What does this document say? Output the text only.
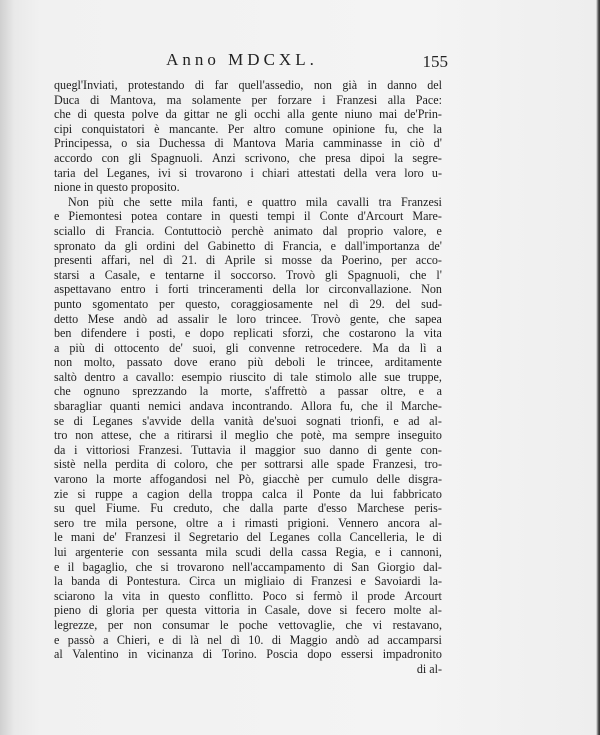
Anno MDCXL.	155
quegl'Inviati, protestando di far quell'assedio, non già in danno del
Duca di Mantova, ma solamente per forzare i Franzesi alla Pace:
che di questa polve da gittar ne gli occhi alla gente niuno mai de'Prin-
cipi conquistatori è mancante. Per altro comune opinione fu, che la
Principessa, o sia Duchessa di Mantova Maria camminasse in ciò d'
accordo con gli Spagnuoli. Anzi scrivono, che presa dipoi la segre-
taria del Leganes, ivi si trovarono i chiari attestati della vera loro u-
nione in questo proposito.
Non più che sette mila fanti, e quattro mila cavalli tra Franzesi
e Piemontesi potea contare in questi tempi il Conte d'Arcourt Mare-
sciallo di Francia. Contuttociò perchè animato dal proprio valore, e
spronato da gli ordini del Gabinetto di Francia, e dall'importanza de'
presenti affari, nel dì 21. di Aprile si mosse da Poerino, per acco-
starsi a Casale, e tentarne il soccorso. Trovò gli Spagnuoli, che l'
aspettavano entro i forti trinceramenti della lor circonvallazione. Non
punto sgomentato per questo, coraggiosamente nel dì 29. del sud-
detto Mese andò ad assalir le loro trincee. Trovò gente, che sapea
ben difendere i posti, e dopo replicati sforzi, che costarono la vita
a più di ottocento de' suoi, gli convenne retrocedere. Ma da lì a
non molto, passato dove erano più deboli le trincee, arditamente
saltò dentro a cavallo: esempio riuscito di tale stimolo alle sue truppe,
che ognuno sprezzando la morte, s'affrettò a passar oltre, e a
sbaragliar quanti nemici andava incontrando. Allora fu, che il Marche-
se di Leganes s'avvide della vanità de'suoi sognati trionfi, e ad al-
tro non attese, che a ritirarsi il meglio che potè, ma sempre inseguito
da i vittoriosi Franzesi. Tuttavia il maggior suo danno di gente con-
sistè nella perdita di coloro, che per sottrarsi alle spade Franzesi, tro-
varono la morte affogandosi nel Pò, giacchè per cumulo delle disgra-
zie si ruppe a cagion della troppa calca il Ponte da lui fabbricato
su quel Fiume. Fu creduto, che dalla parte d'esso Marchese peris-
sero tre mila persone, oltre a i rimasti prigioni. Vennero ancora al-
le mani de' Franzesi il Segretario del Leganes colla Cancelleria, le di
lui argenterie con sessanta mila scudi della cassa Regia, e i cannoni,
e il bagaglio, che si trovarono nell'accampamento di San Giorgio dal-
la banda di Pontestura. Circa un migliaio di Franzesi e Savoiardi la-
sciarono la vita in questo conflitto. Poco si fermò il prode Arcourt
pieno di gloria per questa vittoria in Casale, dove si fecero molte al-
legrezze, per non consumar le poche vettovaglie, che vi restavano,
e passò a Chieri, e di là nel dì 10. di Maggio andò ad accamparsi
al Valentino in vicinanza di Torino. Poscia dopo essersi impadronito
di al-
